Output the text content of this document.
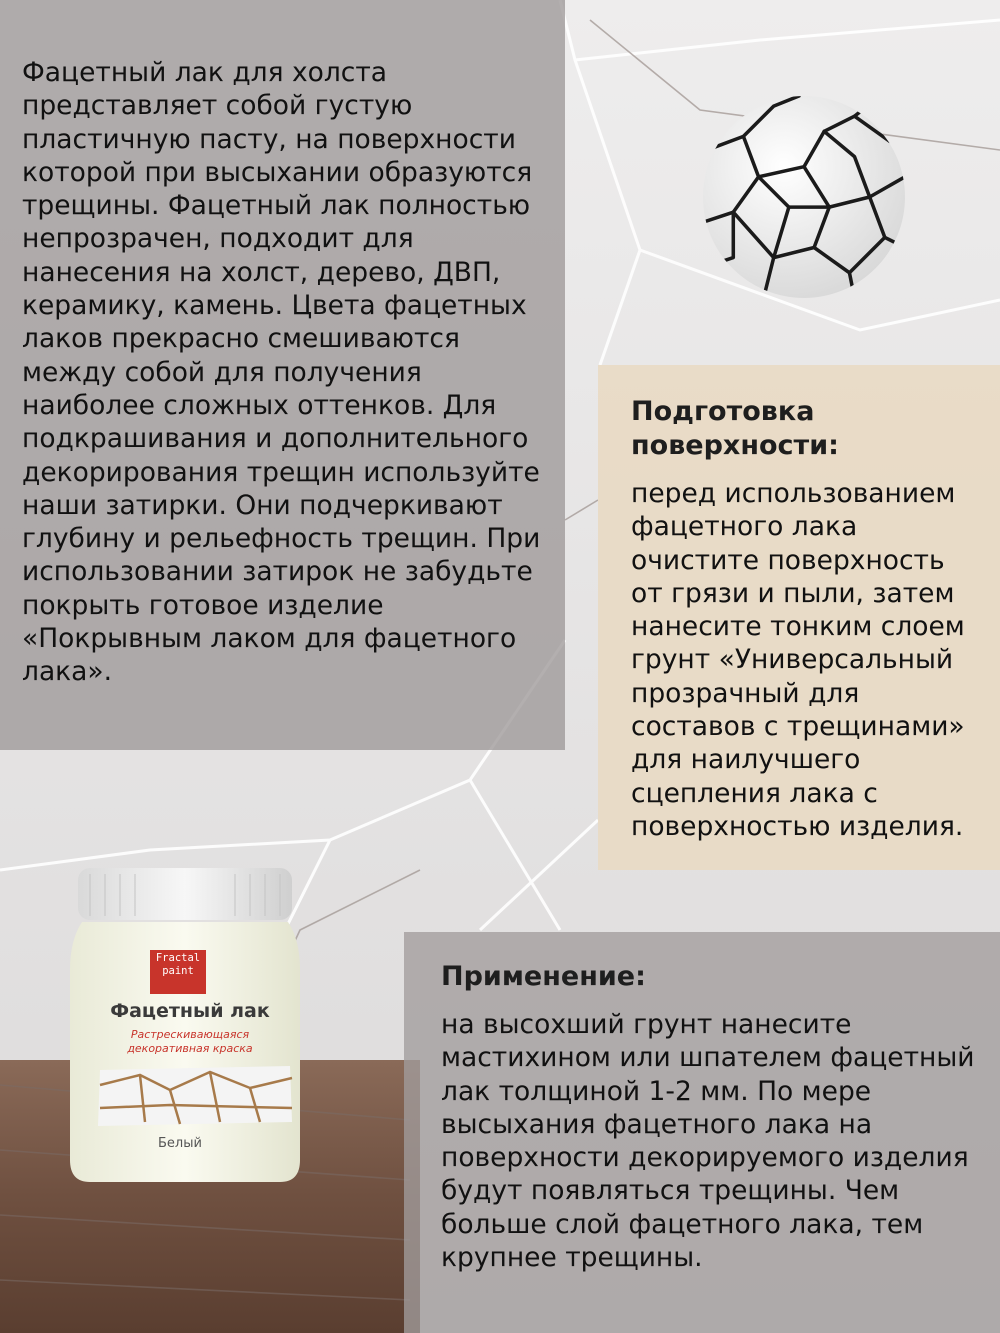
Fractal
paint
Фацетный лак
Растрескивающаяся
декоративная краска
Белый

Фацетный лак для холста представляет собой густую пластичную пасту, на поверхности которой при высыхании образуются трещины. Фацетный лак полностью непрозрачен, подходит для нанесения на холст, дерево, ДВП, керамику, камень. Цвета фацетных лаков прекрасно смешиваются между собой для получения наиболее сложных оттенков. Для подкрашивания и дополнительного декорирования трещин используйте наши затирки. Они подчеркивают глубину и рельефность трещин. При использовании затирок не забудьте покрыть готовое изделие «Покрывным лаком для фацетного лака».

Подготовка поверхности:

перед использованием фацетного лака очистите поверхность от грязи и пыли, затем нанесите тонким слоем грунт «Универсальный прозрачный для составов с трещинами» для наилучшего сцепления лака с поверхностью изделия.

Применение:

на высохший грунт нанесите мастихином или шпателем фацетный лак толщиной 1-2 мм. По мере высыхания фацетного лака на поверхности декорируемого изделия будут появляться трещины. Чем больше слой фацетного лака, тем крупнее трещины.
